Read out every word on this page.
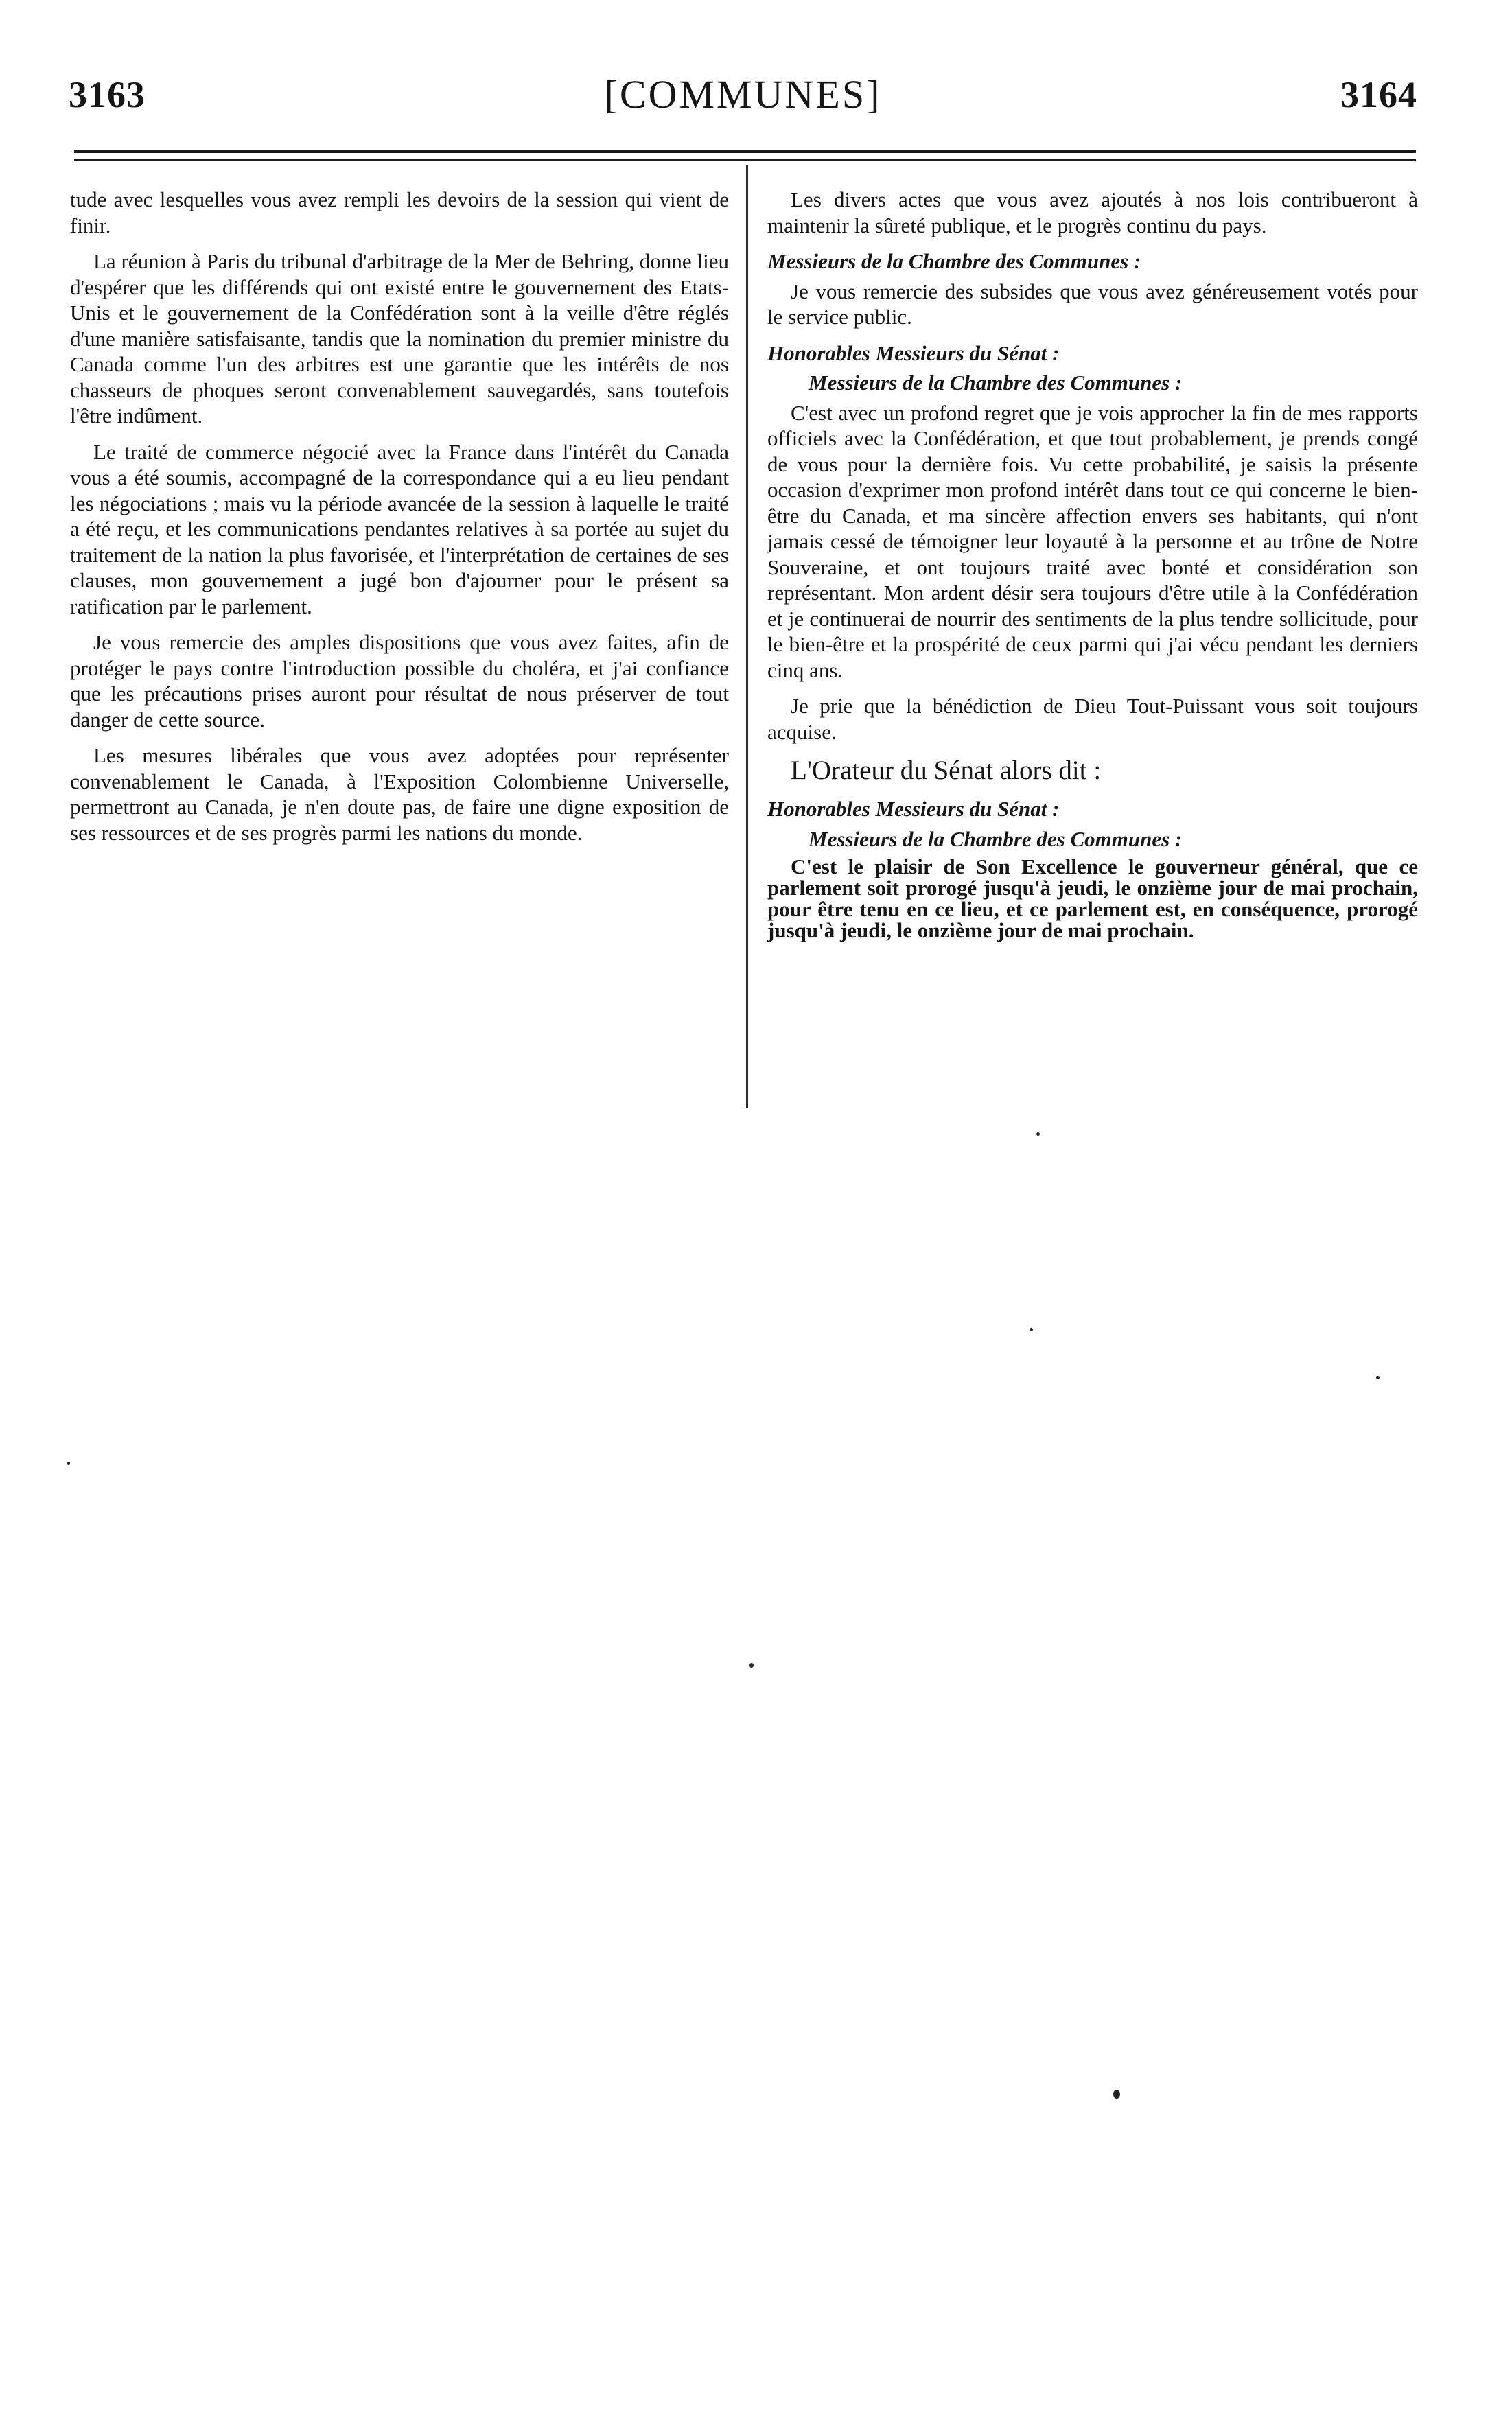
3163	[COMMUNES]	3164

tude avec lesquelles vous avez rempli les devoirs de la session qui vient de finir.

La réunion à Paris du tribunal d'arbitrage de la Mer de Behring, donne lieu d'espérer que les différends qui ont existé entre le gouvernement des Etats-Unis et le gouvernement de la Confédération sont à la veille d'être réglés d'une manière satisfaisante, tandis que la nomination du premier ministre du Canada comme l'un des arbitres est une garantie que les intérêts de nos chasseurs de phoques seront convenablement sauvegardés, sans toutefois l'être indûment.

Le traité de commerce négocié avec la France dans l'intérêt du Canada vous a été soumis, accompagné de la correspondance qui a eu lieu pendant les négociations ; mais vu la période avancée de la session à laquelle le traité a été reçu, et les communications pendantes relatives à sa portée au sujet du traitement de la nation la plus favorisée, et l'interprétation de certaines de ses clauses, mon gouvernement a jugé bon d'ajourner pour le présent sa ratification par le parlement.

Je vous remercie des amples dispositions que vous avez faites, afin de protéger le pays contre l'introduction possible du choléra, et j'ai confiance que les précautions prises auront pour résultat de nous préserver de tout danger de cette source.

Les mesures libérales que vous avez adoptées pour représenter convenablement le Canada, à l'Exposition Colombienne Universelle, permettront au Canada, je n'en doute pas, de faire une digne exposition de ses ressources et de ses progrès parmi les nations du monde.

Les divers actes que vous avez ajoutés à nos lois contribueront à maintenir la sûreté publique, et le progrès continu du pays.

Messieurs de la Chambre des Communes :

Je vous remercie des subsides que vous avez généreusement votés pour le service public.

Honorables Messieurs du Sénat :

Messieurs de la Chambre des Communes :

C'est avec un profond regret que je vois approcher la fin de mes rapports officiels avec la Confédération, et que tout probablement, je prends congé de vous pour la dernière fois. Vu cette probabilité, je saisis la présente occasion d'exprimer mon profond intérêt dans tout ce qui concerne le bien-être du Canada, et ma sincère affection envers ses habitants, qui n'ont jamais cessé de témoigner leur loyauté à la personne et au trône de Notre Souveraine, et ont toujours traité avec bonté et considération son représentant. Mon ardent désir sera toujours d'être utile à la Confédération et je continuerai de nourrir des sentiments de la plus tendre sollicitude, pour le bien-être et la prospérité de ceux parmi qui j'ai vécu pendant les derniers cinq ans.

Je prie que la bénédiction de Dieu Tout-Puissant vous soit toujours acquise.

L'Orateur du Sénat alors dit :

Honorables Messieurs du Sénat :

Messieurs de la Chambre des Communes :

C'est le plaisir de Son Excellence le gouverneur général, que ce parlement soit prorogé jusqu'à jeudi, le onzième jour de mai prochain, pour être tenu en ce lieu, et ce parlement est, en conséquence, prorogé jusqu'à jeudi, le onzième jour de mai prochain.
